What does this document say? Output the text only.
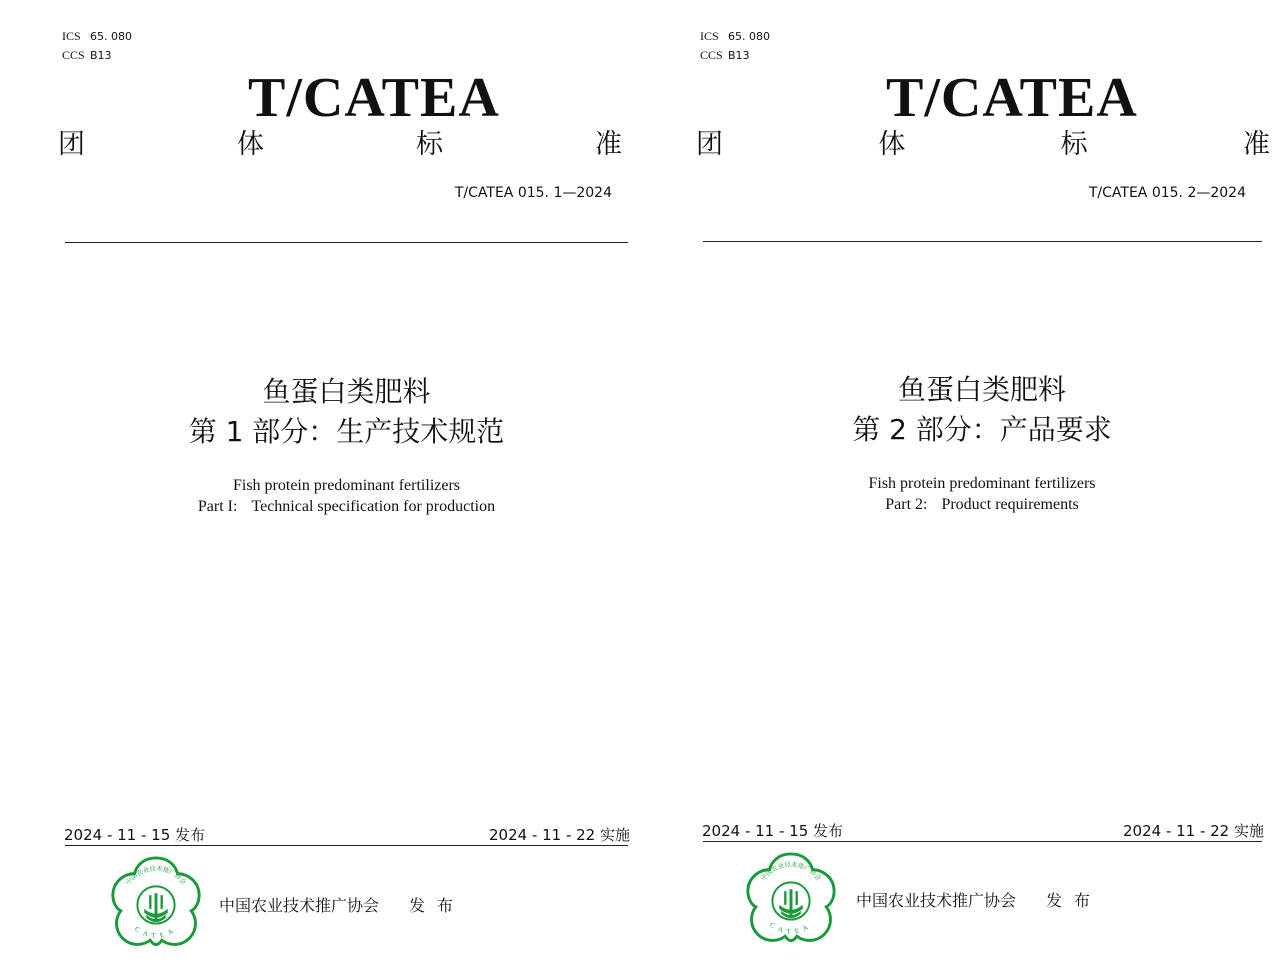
ICS 65. 080
CCS B13
T/CATEA
团	体	标	准
T/CATEA 015. 1—2024
鱼蛋白类肥料
第 1 部分：生产技术规范
Fish protein predominant fertilizers
Part I: Technical specification for production
2024 - 11 - 15 发布	2024 - 11 - 22 实施
中国农业技术推广协会
CATEA
中国农业技术推广协会 发布
ICS 65. 080
CCS B13
T/CATEA
团	体	标	准
T/CATEA 015. 2—2024
鱼蛋白类肥料
第 2 部分：产品要求
Fish protein predominant fertilizers
Part 2: Product requirements
2024 - 11 - 15 发布	2024 - 11 - 22 实施
中国农业技术推广协会
CATEA
中国农业技术推广协会 发布
